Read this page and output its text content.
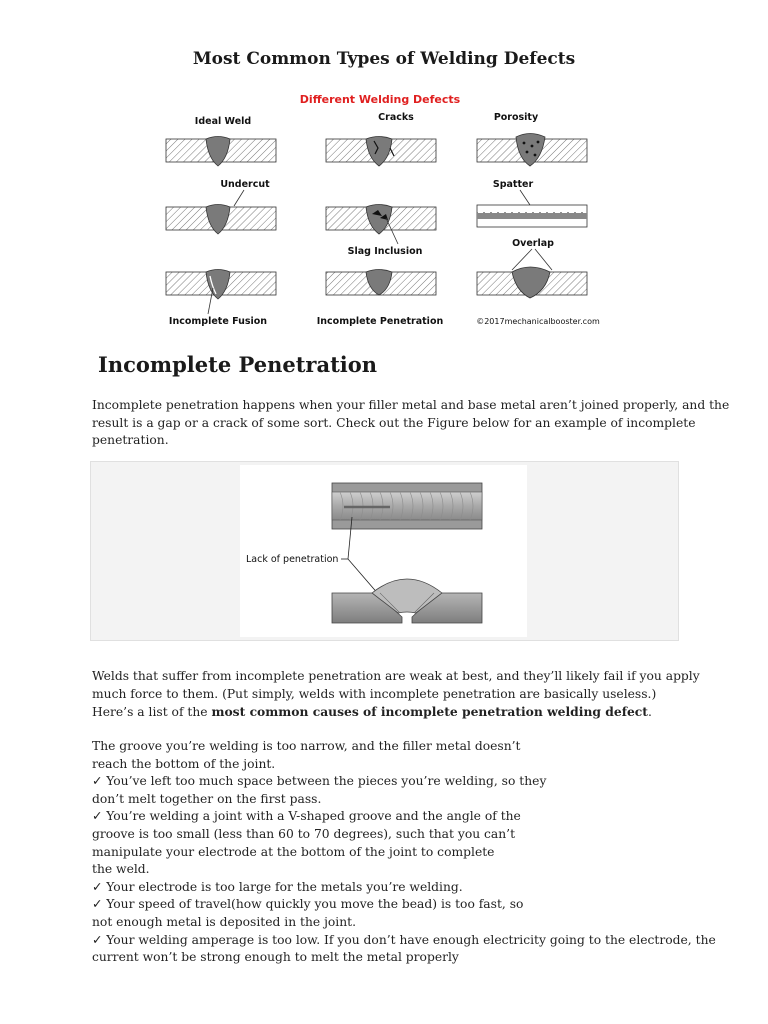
Most Common Types of Welding Defects
Different Welding Defects
Ideal Weld	Cracks	Porosity
Undercut
Slag Inclusion
Spatter
Overlap
Incomplete Fusion	Incomplete Penetration	©2017mechanicalbooster.com
Incomplete Penetration
Incomplete penetration happens when your filler metal and base metal aren’t joined properly, and the
result is a gap or a crack of some sort. Check out the Figure below for an example of incomplete
penetration.
Lack of penetration
Welds that suffer from incomplete penetration are weak at best, and they’ll likely fail if you apply
much force to them. (Put simply, welds with incomplete penetration are basically useless.)
Here’s a list of the most common causes of incomplete penetration welding defect.
The groove you’re welding is too narrow, and the filler metal doesn’t
reach the bottom of the joint.
✓ You’ve left too much space between the pieces you’re welding, so they
don’t melt together on the first pass.
✓ You’re welding a joint with a V-shaped groove and the angle of the
groove is too small (less than 60 to 70 degrees), such that you can’t
manipulate your electrode at the bottom of the joint to complete
the weld.
✓ Your electrode is too large for the metals you’re welding.
✓ Your speed of travel(how quickly you move the bead) is too fast, so
not enough metal is deposited in the joint.
✓ Your welding amperage is too low. If you don’t have enough electricity going to the electrode, the
current won’t be strong enough to melt the metal properly
